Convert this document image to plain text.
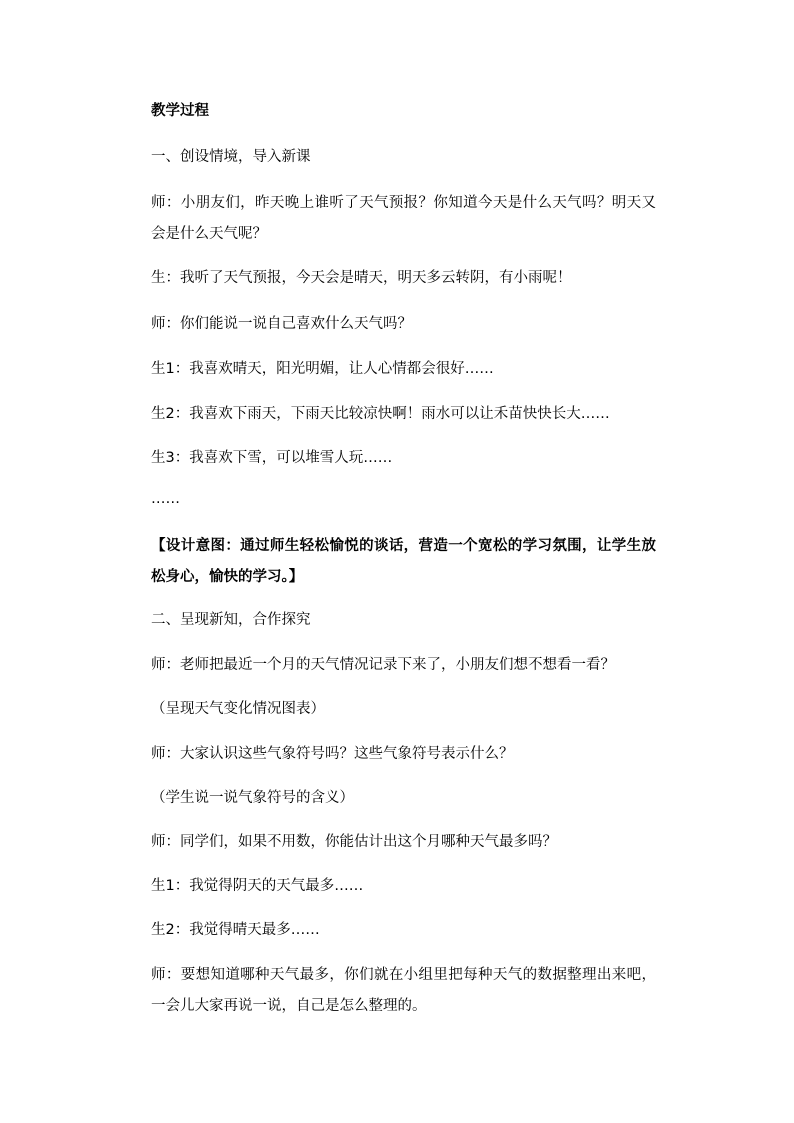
教学过程
一、创设情境，导入新课
师：小朋友们，昨天晚上谁听了天气预报？你知道今天是什么天气吗？明天又会是什么天气呢？
生：我听了天气预报，今天会是晴天，明天多云转阴，有小雨呢！
师：你们能说一说自己喜欢什么天气吗？
生1：我喜欢晴天，阳光明媚，让人心情都会很好……
生2：我喜欢下雨天，下雨天比较凉快啊！雨水可以让禾苗快快长大……
生3：我喜欢下雪，可以堆雪人玩……
……
【设计意图：通过师生轻松愉悦的谈话，营造一个宽松的学习氛围，让学生放松身心，愉快的学习。】
二、呈现新知，合作探究
师：老师把最近一个月的天气情况记录下来了，小朋友们想不想看一看？
（呈现天气变化情况图表）
师：大家认识这些气象符号吗？这些气象符号表示什么？
（学生说一说气象符号的含义）
师：同学们，如果不用数，你能估计出这个月哪种天气最多吗？
生1：我觉得阴天的天气最多……
生2：我觉得晴天最多……
师：要想知道哪种天气最多，你们就在小组里把每种天气的数据整理出来吧，一会儿大家再说一说，自己是怎么整理的。
